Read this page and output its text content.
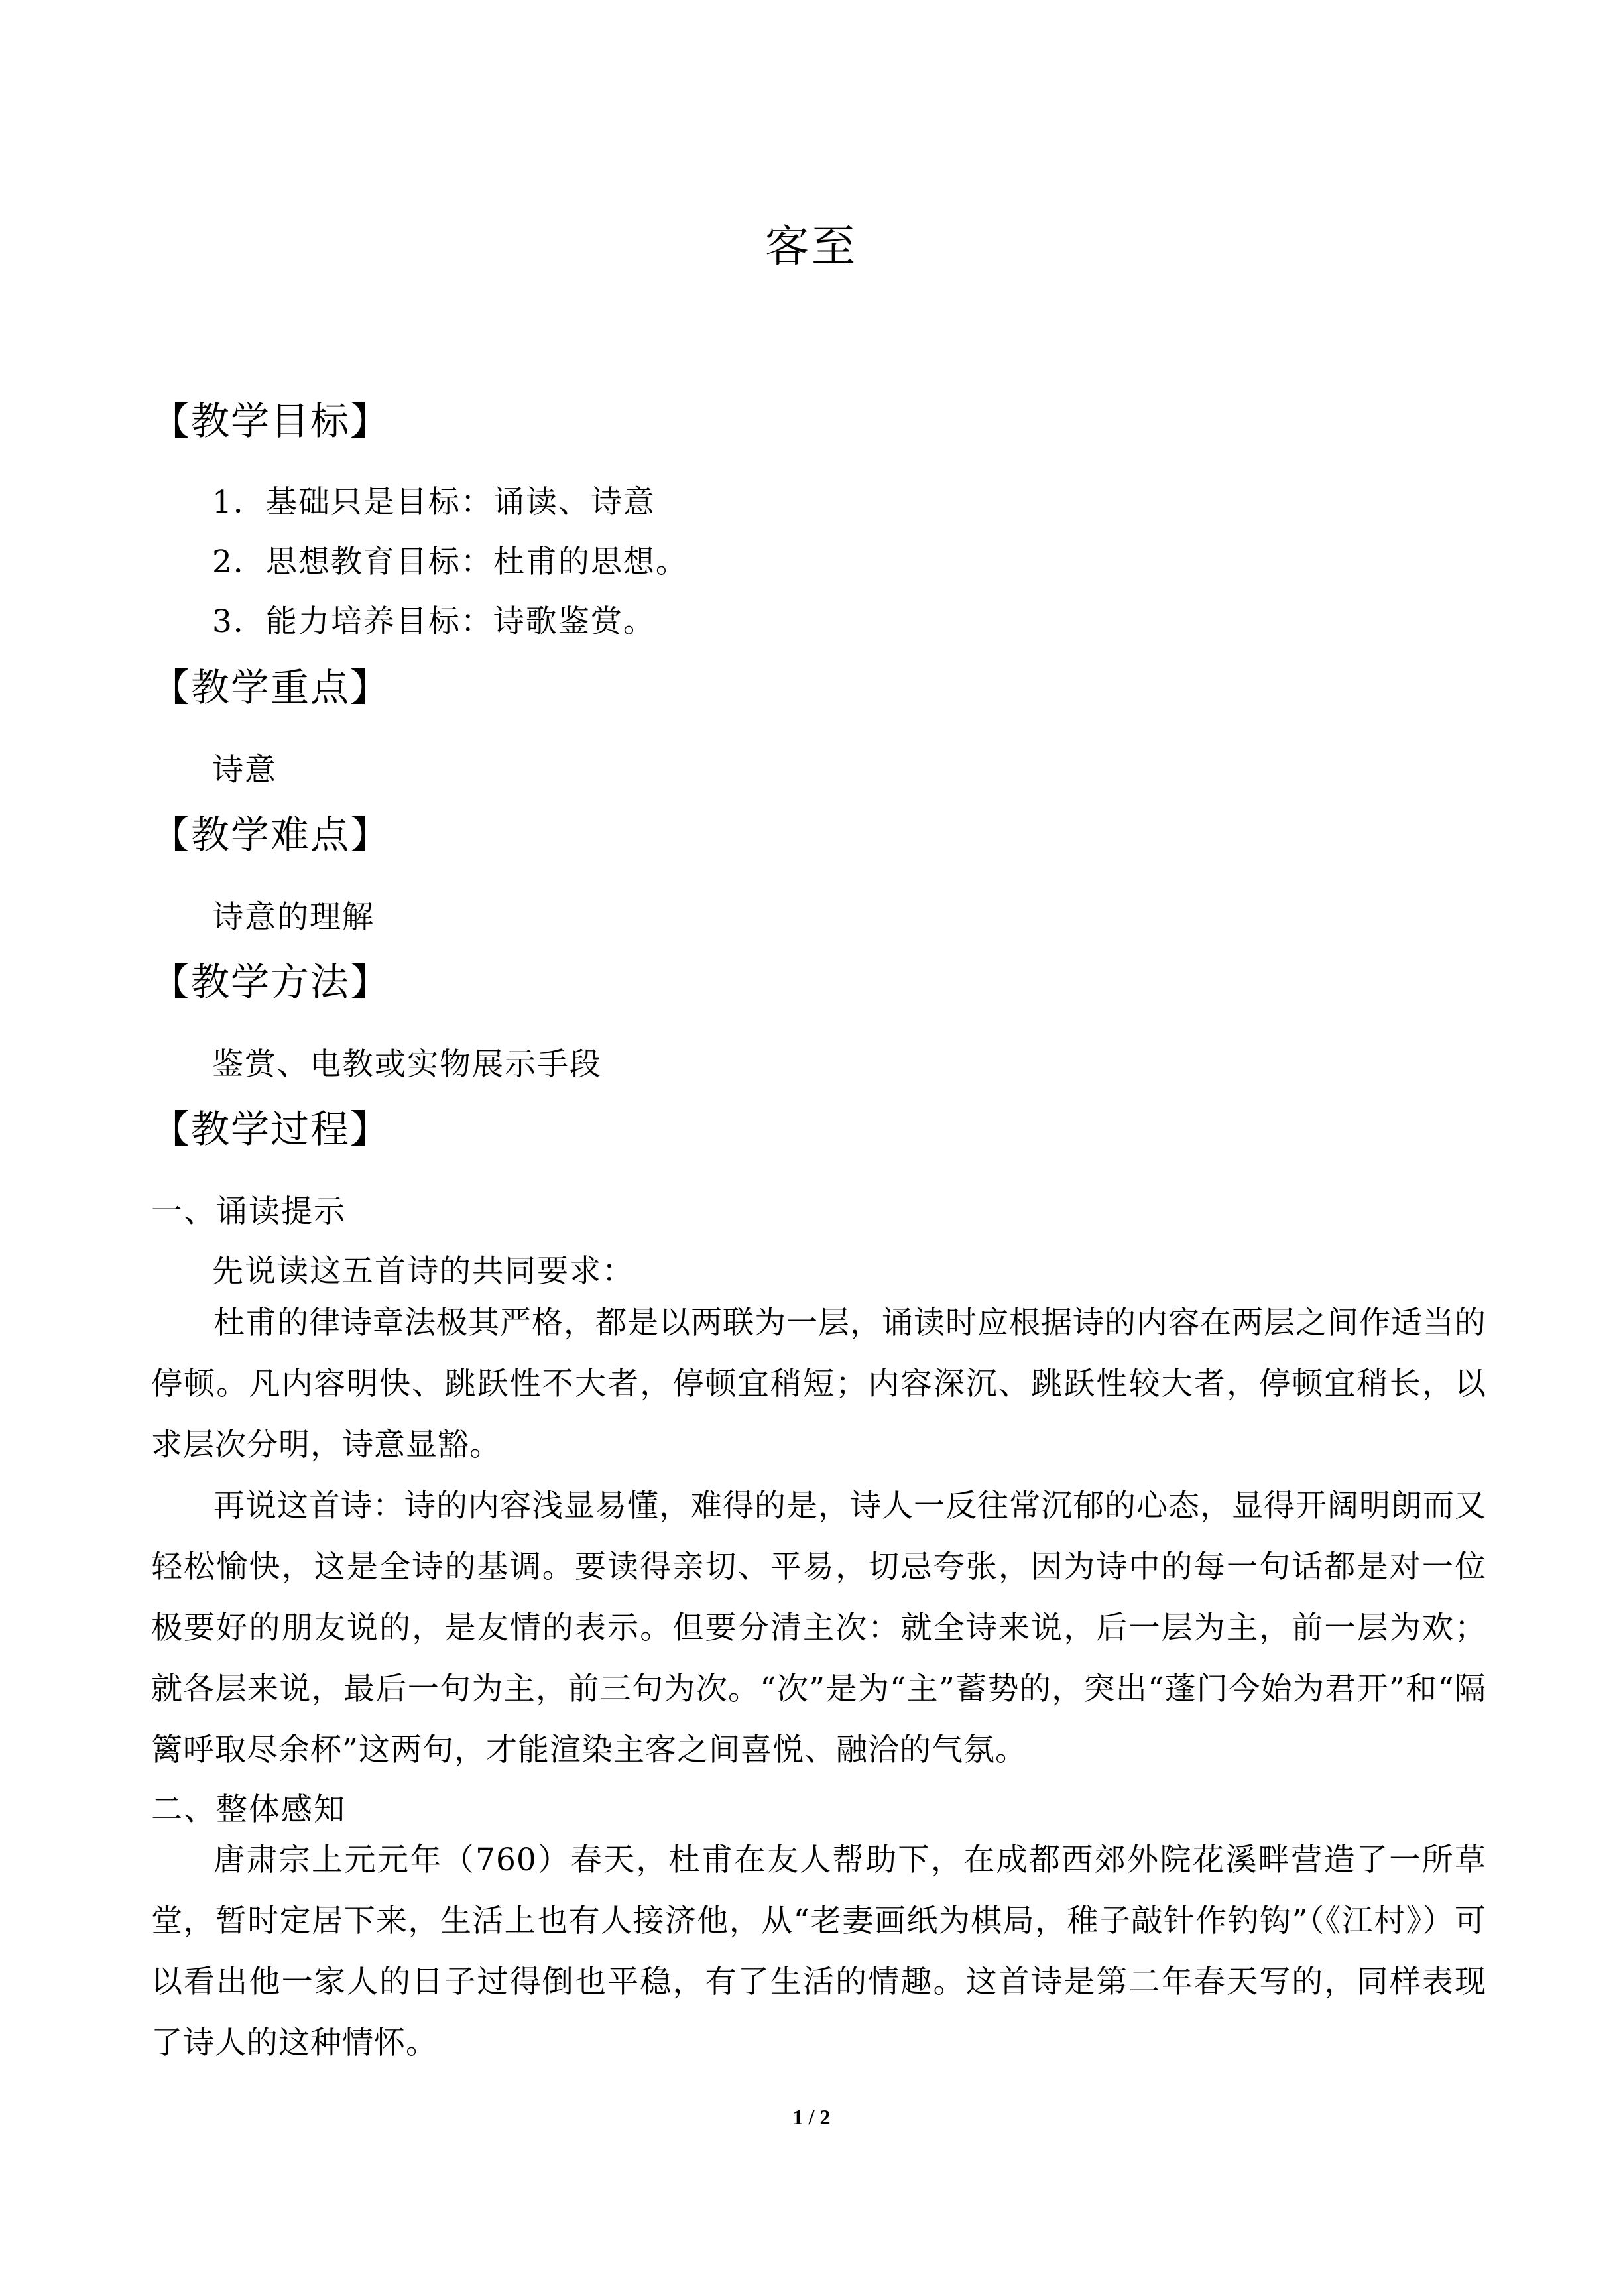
客至
【教学目标】
1．基础只是目标：诵读、诗意
2．思想教育目标：杜甫的思想。
3．能力培养目标：诗歌鉴赏。
【教学重点】
诗意
【教学难点】
诗意的理解
【教学方法】
鉴赏、电教或实物展示手段
【教学过程】
一、诵读提示
先说读这五首诗的共同要求：
杜甫的律诗章法极其严格，都是以两联为一层，诵读时应根据诗的内容在两层之间作适当的停顿。凡内容明快、跳跃性不大者，停顿宜稍短；内容深沉、跳跃性较大者，停顿宜稍长，以求层次分明，诗意显豁。
再说这首诗：诗的内容浅显易懂，难得的是，诗人一反往常沉郁的心态，显得开阔明朗而又轻松愉快，这是全诗的基调。要读得亲切、平易，切忌夸张，因为诗中的每一句话都是对一位极要好的朋友说的，是友情的表示。但要分清主次：就全诗来说，后一层为主，前一层为欢；就各层来说，最后一句为主，前三句为次。“次”是为“主”蓄势的，突出“蓬门今始为君开”和“隔篱呼取尽余杯”这两句，才能渲染主客之间喜悦、融洽的气氛。
二、整体感知
唐肃宗上元元年（760）春天，杜甫在友人帮助下，在成都西郊外院花溪畔营造了一所草堂，暂时定居下来，生活上也有人接济他，从“老妻画纸为棋局，稚子敲针作钓钩”（《江村》）可以看出他一家人的日子过得倒也平稳，有了生活的情趣。这首诗是第二年春天写的，同样表现了诗人的这种情怀。
1 / 2
